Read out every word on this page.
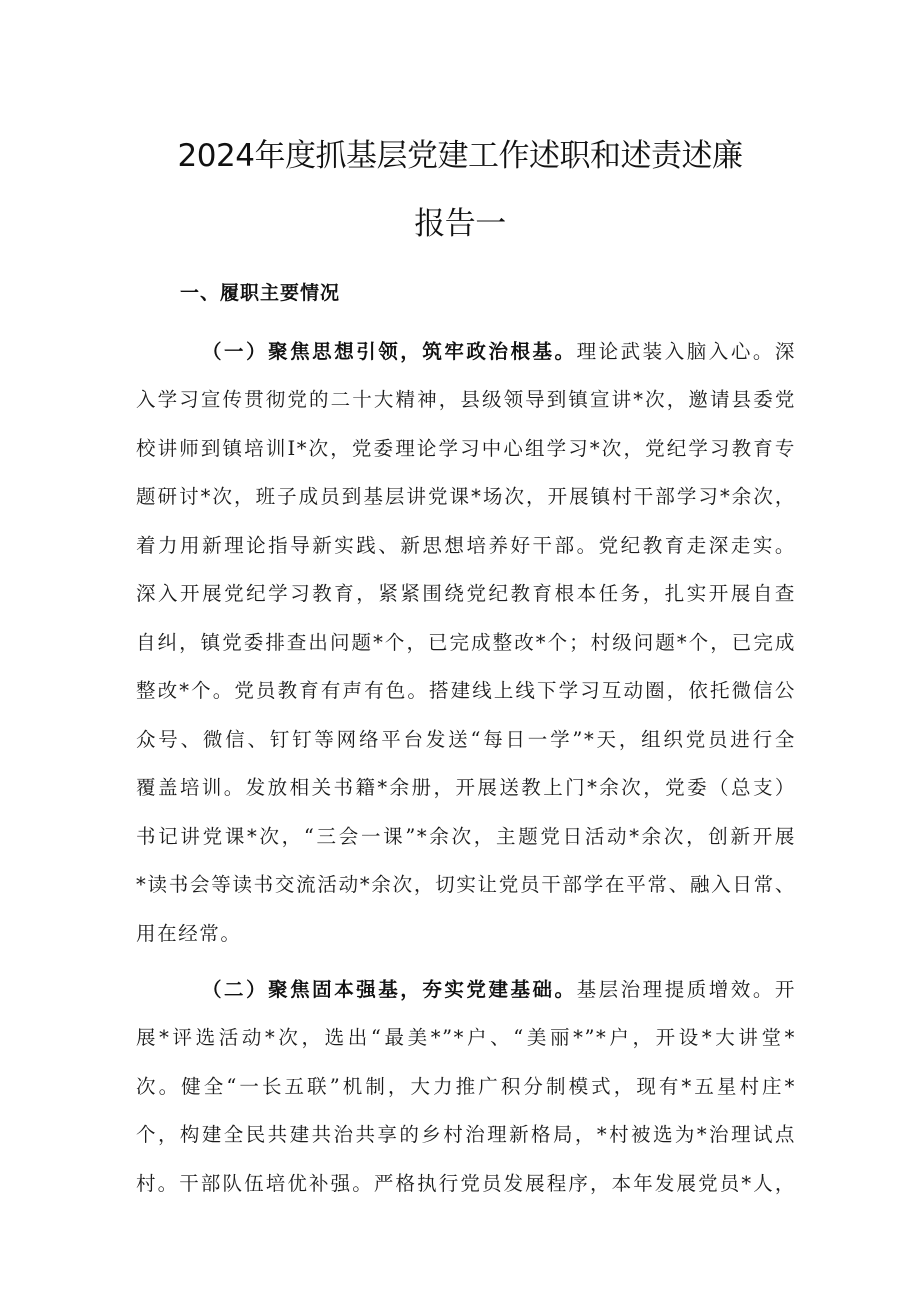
2024年度抓基层党建工作述职和述责述廉
报告一
一、履职主要情况
（一）聚焦思想引领，筑牢政治根基。理论武装入脑入心。深
入学习宣传贯彻党的二十大精神，县级领导到镇宣讲*次，邀请县委党
校讲师到镇培训I*次，党委理论学习中心组学习*次，党纪学习教育专
题研讨*次，班子成员到基层讲党课*场次，开展镇村干部学习*余次，
着力用新理论指导新实践、新思想培养好干部。党纪教育走深走实。
深入开展党纪学习教育，紧紧围绕党纪教育根本任务，扎实开展自查
自纠，镇党委排查出问题*个，已完成整改*个；村级问题*个，已完成
整改*个。党员教育有声有色。搭建线上线下学习互动圈，依托微信公
众号、微信、钉钉等网络平台发送“每日一学”*天，组织党员进行全
覆盖培训。发放相关书籍*余册，开展送教上门*余次，党委（总支）
书记讲党课*次，“三会一课”*余次，主题党日活动*余次，创新开展
*读书会等读书交流活动*余次，切实让党员干部学在平常、融入日常、
用在经常。
（二）聚焦固本强基，夯实党建基础。基层治理提质增效。开
展*评选活动*次，选出“最美*”*户、“美丽*”*户，开设*大讲堂*
次。健全“一长五联”机制，大力推广积分制模式，现有*五星村庄*
个，构建全民共建共治共享的乡村治理新格局，*村被选为*治理试点
村。干部队伍培优补强。严格执行党员发展程序，本年发展党员*人，
